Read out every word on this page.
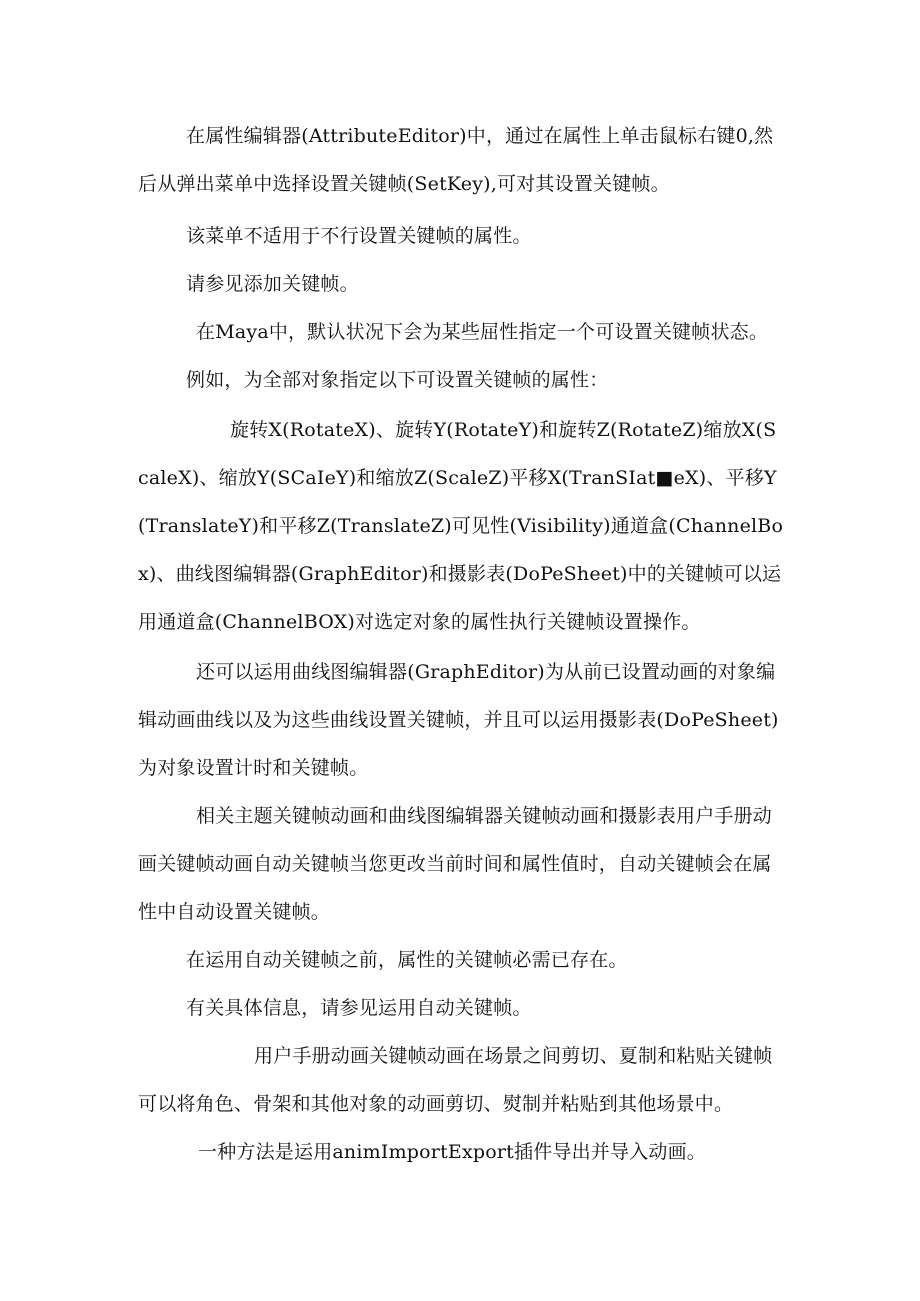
在属性编辑器(AttributeEditor)中，通过在属性上单击鼠标右键0,然后从弹出菜单中选择设置关键帧(SetKey),可对其设置关键帧。

该菜单不适用于不行设置关键帧的属性。

请参见添加关键帧。

在Maya中，默认状况下会为某些屈性指定一个可设置关键帧状态。

例如，为全部对象指定以下可设置关键帧的属性：

旋转X(RotateX)、旋转Y(RotateY)和旋转Z(RotateZ)缩放X(ScaleX)、缩放Y(SCaIeY)和缩放Z(ScaleZ)平移X(TranSIat■eX)、平移Y(TranslateY)和平移Z(TranslateZ)可见性(Visibility)通道盒(ChannelBox)、曲线图编辑器(GraphEditor)和摄影表(DoPeSheet)中的关键帧可以运用通道盒(ChannelBOX)对选定对象的属性执行关键帧设置操作。

还可以运用曲线图编辑器(GraphEditor)为从前已设置动画的对象编辑动画曲线以及为这些曲线设置关键帧，并且可以运用摄影表(DoPeSheet)为对象设置计时和关键帧。

相关主题关键帧动画和曲线图编辑器关键帧动画和摄影表用户手册动画关键帧动画自动关键帧当您更改当前时间和属性值时，自动关键帧会在属性中自动设置关键帧。

在运用自动关键帧之前，属性的关键帧必需已存在。

有关具体信息，请参见运用自动关键帧。

用户手册动画关键帧动画在场景之间剪切、夏制和粘贴关键帧可以将角色、骨架和其他对象的动画剪切、熨制并粘贴到其他场景中。

一种方法是运用animImportExport插件导出并导入动画。
